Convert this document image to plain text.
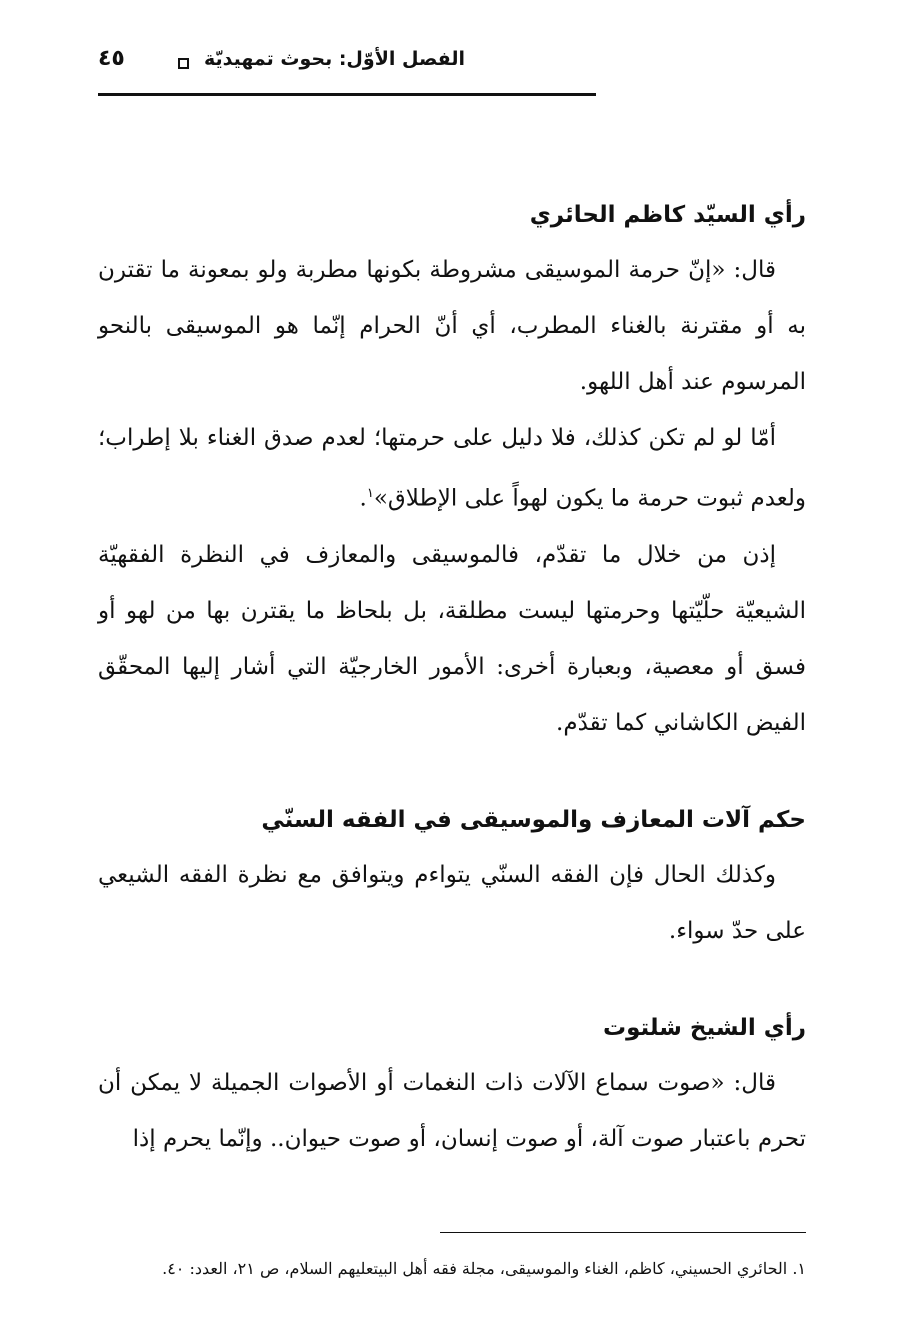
الفصل الأوّل: بحوث تمهيديّة
٤٥
رأي السيّد كاظم الحائري

قال: «إنّ حرمة الموسيقى مشروطة بكونها مطربة ولو بمعونة ما تقترن به أو مقترنة بالغناء المطرب، أي أنّ الحرام إنّما هو الموسيقى بالنحو المرسوم عند أهل اللهو.

أمّا لو لم تكن كذلك، فلا دليل على حرمتها؛ لعدم صدق الغناء بلا إطراب؛ ولعدم ثبوت حرمة ما يكون لهواً على الإطلاق»$^١$.

إذن من خلال ما تقدّم، فالموسيقى والمعازف في النظرة الفقهيّة الشيعيّة حلّيّتها وحرمتها ليست مطلقة، بل بلحاظ ما يقترن بها من لهو أو فسق أو معصية، وبعبارة أخرى: الأمور الخارجيّة التي أشار إليها المحقّق الفيض الكاشاني كما تقدّم.

حكم آلات المعازف والموسيقى في الفقه السنّي

وكذلك الحال فإن الفقه السنّي يتواءم ويتوافق مع نظرة الفقه الشيعي على حدّ سواء.

رأي الشيخ شلتوت

قال: «صوت سماع الآلات ذات النغمات أو الأصوات الجميلة لا يمكن أن تحرم باعتبار صوت آلة، أو صوت إنسان، أو صوت حيوان.. وإنّما يحرم إذا

١. الحائري الحسيني، كاظم، الغناء والموسيقى، مجلة فقه أهل البيتعليهم السلام، ص ٢١، العدد: ٤٠.
